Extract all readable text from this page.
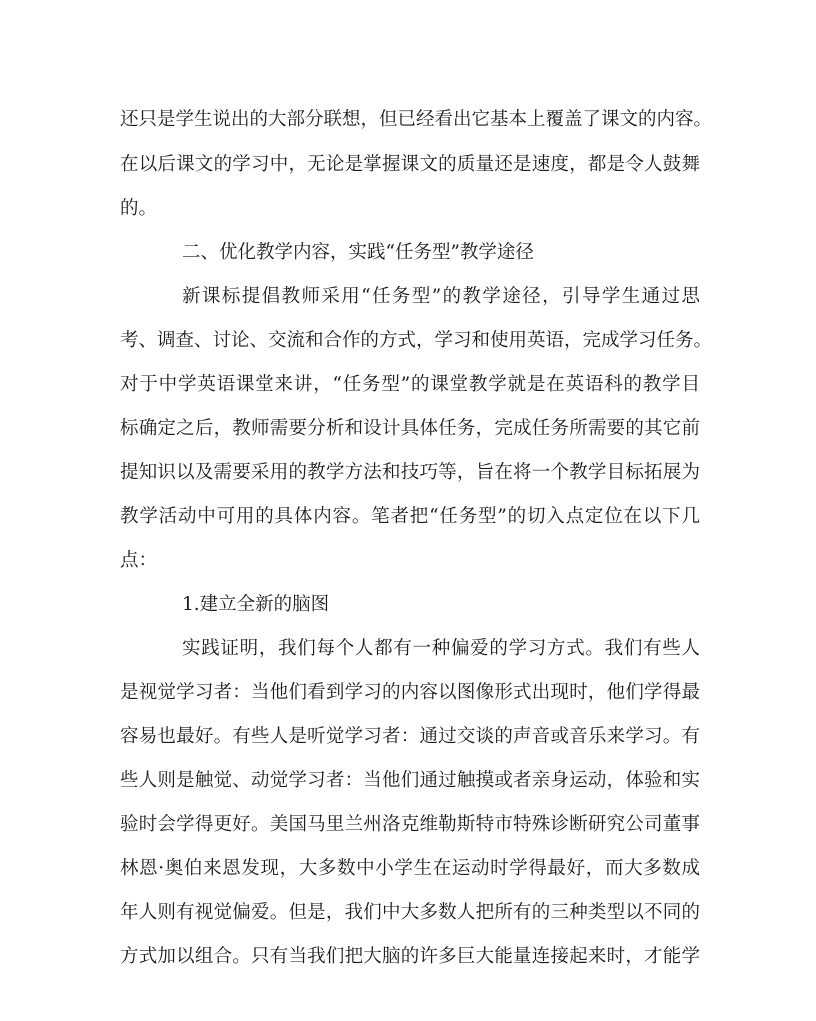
还只是学生说出的大部分联想，但已经看出它基本上覆盖了课文的内容。
在以后课文的学习中，无论是掌握课文的质量还是速度，都是令人鼓舞
的。
二、优化教学内容，实践“任务型”教学途径
新课标提倡教师采用“任务型”的教学途径，引导学生通过思
考、调查、讨论、交流和合作的方式，学习和使用英语，完成学习任务。
对于中学英语课堂来讲，“任务型”的课堂教学就是在英语科的教学目
标确定之后，教师需要分析和设计具体任务，完成任务所需要的其它前
提知识以及需要采用的教学方法和技巧等，旨在将一个教学目标拓展为
教学活动中可用的具体内容。笔者把“任务型”的切入点定位在以下几
点：
1.建立全新的脑图
实践证明，我们每个人都有一种偏爱的学习方式。我们有些人
是视觉学习者：当他们看到学习的内容以图像形式出现时，他们学得最
容易也最好。有些人是听觉学习者：通过交谈的声音或音乐来学习。有
些人则是触觉、动觉学习者：当他们通过触摸或者亲身运动，体验和实
验时会学得更好。美国马里兰州洛克维勒斯特市特殊诊断研究公司董事
林恩·奥伯来恩发现，大多数中小学生在运动时学得最好，而大多数成
年人则有视觉偏爱。但是，我们中大多数人把所有的三种类型以不同的
方式加以组合。只有当我们把大脑的许多巨大能量连接起来时，才能学
